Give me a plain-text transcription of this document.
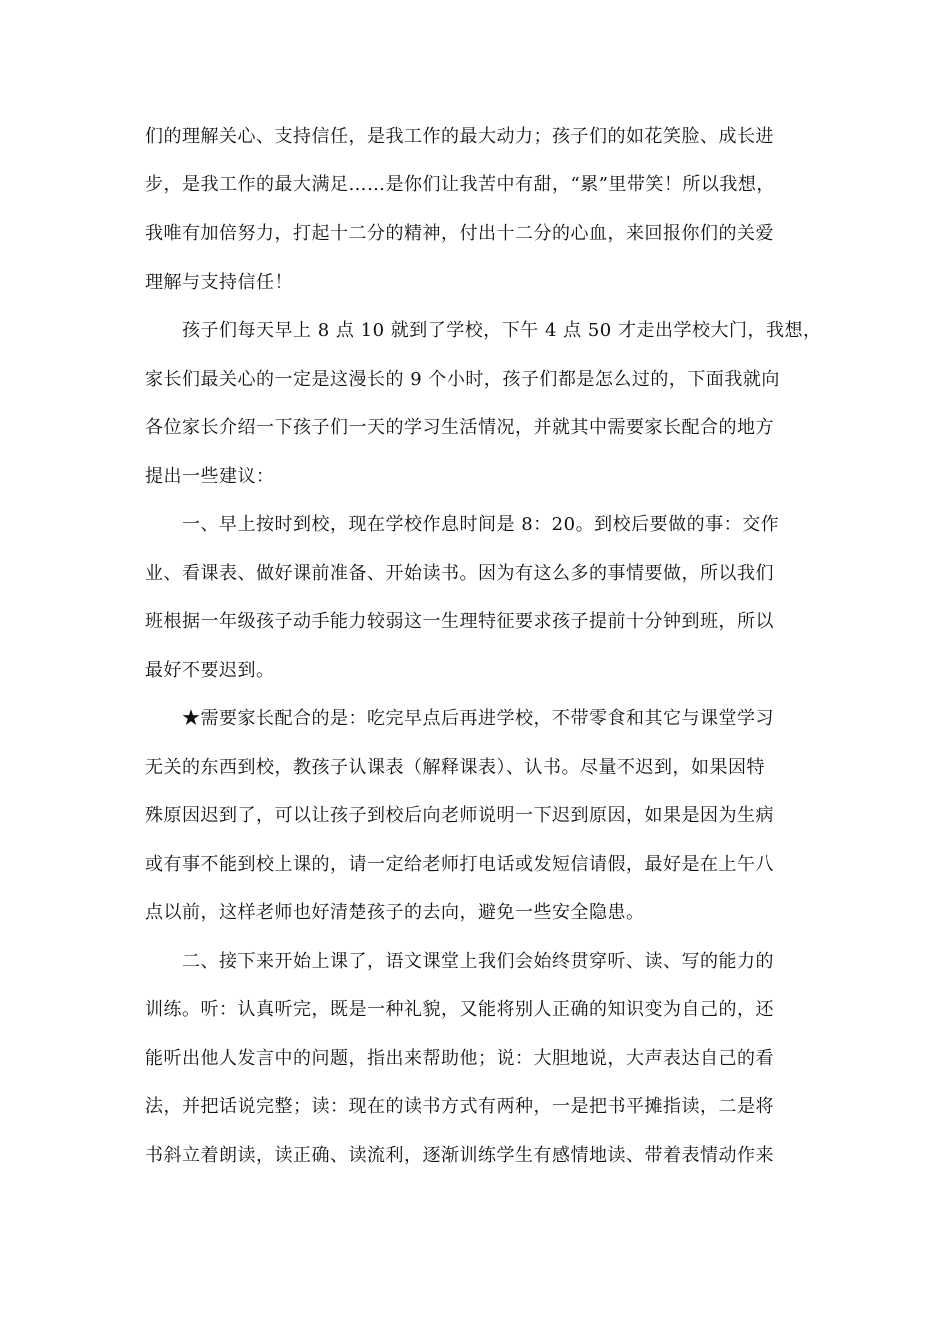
们的理解关心、支持信任，是我工作的最大动力；孩子们的如花笑脸、成长进
步，是我工作的最大满足……是你们让我苦中有甜，“累”里带笑！所以我想，
我唯有加倍努力，打起十二分的精神，付出十二分的心血，来回报你们的关爱
理解与支持信任！
孩子们每天早上 8 点 10 就到了学校，下午 4 点 50 才走出学校大门，我想，
家长们最关心的一定是这漫长的 9 个小时，孩子们都是怎么过的，下面我就向
各位家长介绍一下孩子们一天的学习生活情况，并就其中需要家长配合的地方
提出一些建议：
一、早上按时到校，现在学校作息时间是 8：20。到校后要做的事：交作
业、看课表、做好课前准备、开始读书。因为有这么多的事情要做，所以我们
班根据一年级孩子动手能力较弱这一生理特征要求孩子提前十分钟到班，所以
最好不要迟到。
★需要家长配合的是：吃完早点后再进学校，不带零食和其它与课堂学习
无关的东西到校，教孩子认课表（解释课表）、认书。尽量不迟到，如果因特
殊原因迟到了，可以让孩子到校后向老师说明一下迟到原因，如果是因为生病
或有事不能到校上课的，请一定给老师打电话或发短信请假，最好是在上午八
点以前，这样老师也好清楚孩子的去向，避免一些安全隐患。
二、接下来开始上课了，语文课堂上我们会始终贯穿听、读、写的能力的
训练。听：认真听完，既是一种礼貌，又能将别人正确的知识变为自己的，还
能听出他人发言中的问题，指出来帮助他；说：大胆地说，大声表达自己的看
法，并把话说完整；读：现在的读书方式有两种，一是把书平摊指读，二是将
书斜立着朗读，读正确、读流利，逐渐训练学生有感情地读、带着表情动作来
